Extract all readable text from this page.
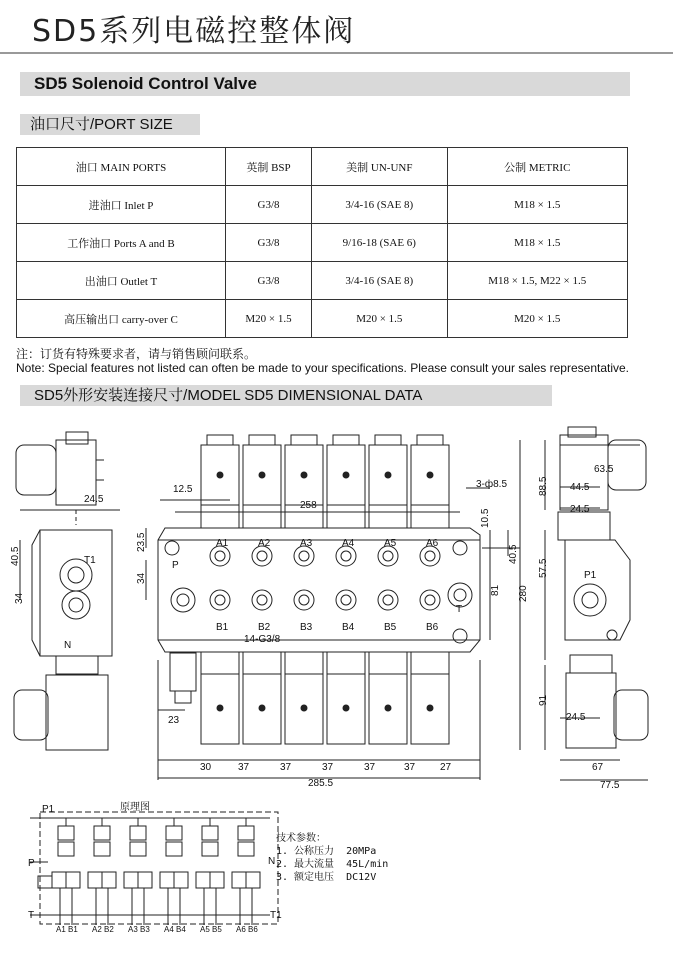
SD5系列电磁控整体阀
SD5 Solenoid Control Valve
油口尺寸/PORT SIZE
油口 MAIN PORTS	英制 BSP	美制 UN-UNF	公制 METRIC
进油口 Inlet P	G3/8	3/4-16 (SAE 8)	M18 × 1.5
工作油口 Ports A and B	G3/8	9/16-18 (SAE 6)	M18 × 1.5
出油口 Outlet T	G3/8	3/4-16 (SAE 8)	M18 × 1.5, M22 × 1.5
高压输出口 carry-over C	M20 × 1.5	M20 × 1.5	M20 × 1.5
注：订货有特殊要求者，请与销售顾问联系。
Note: Special features not listed can often be made to your specifications. Please consult your sales representative.
SD5外形安装连接尺寸/MODEL SD5 DIMENSIONAL DATA
A1
B1
A2
B2
A3
B3
A4
B4
A5
B5
A6
B6
24.5
T1
40.5
34
N
12.5
258
23.5
34
3-ф8.5
10.5
40.5
81 280
P
T
14-G3/8
23
30	37	37	37	37	37 27
285.5
63.5
88.5 44.5
24.5
57.5	P1
91
24.5
67
77.5
原理图
P1
P
T
N
T1
A1 B1 A2 B2 A3 B3 A4 B4 A5 B5 A6 B6
技术参数：
1. 公称压力 20MPa
2. 最大流量 45L/min
3. 额定电压 DC12V
